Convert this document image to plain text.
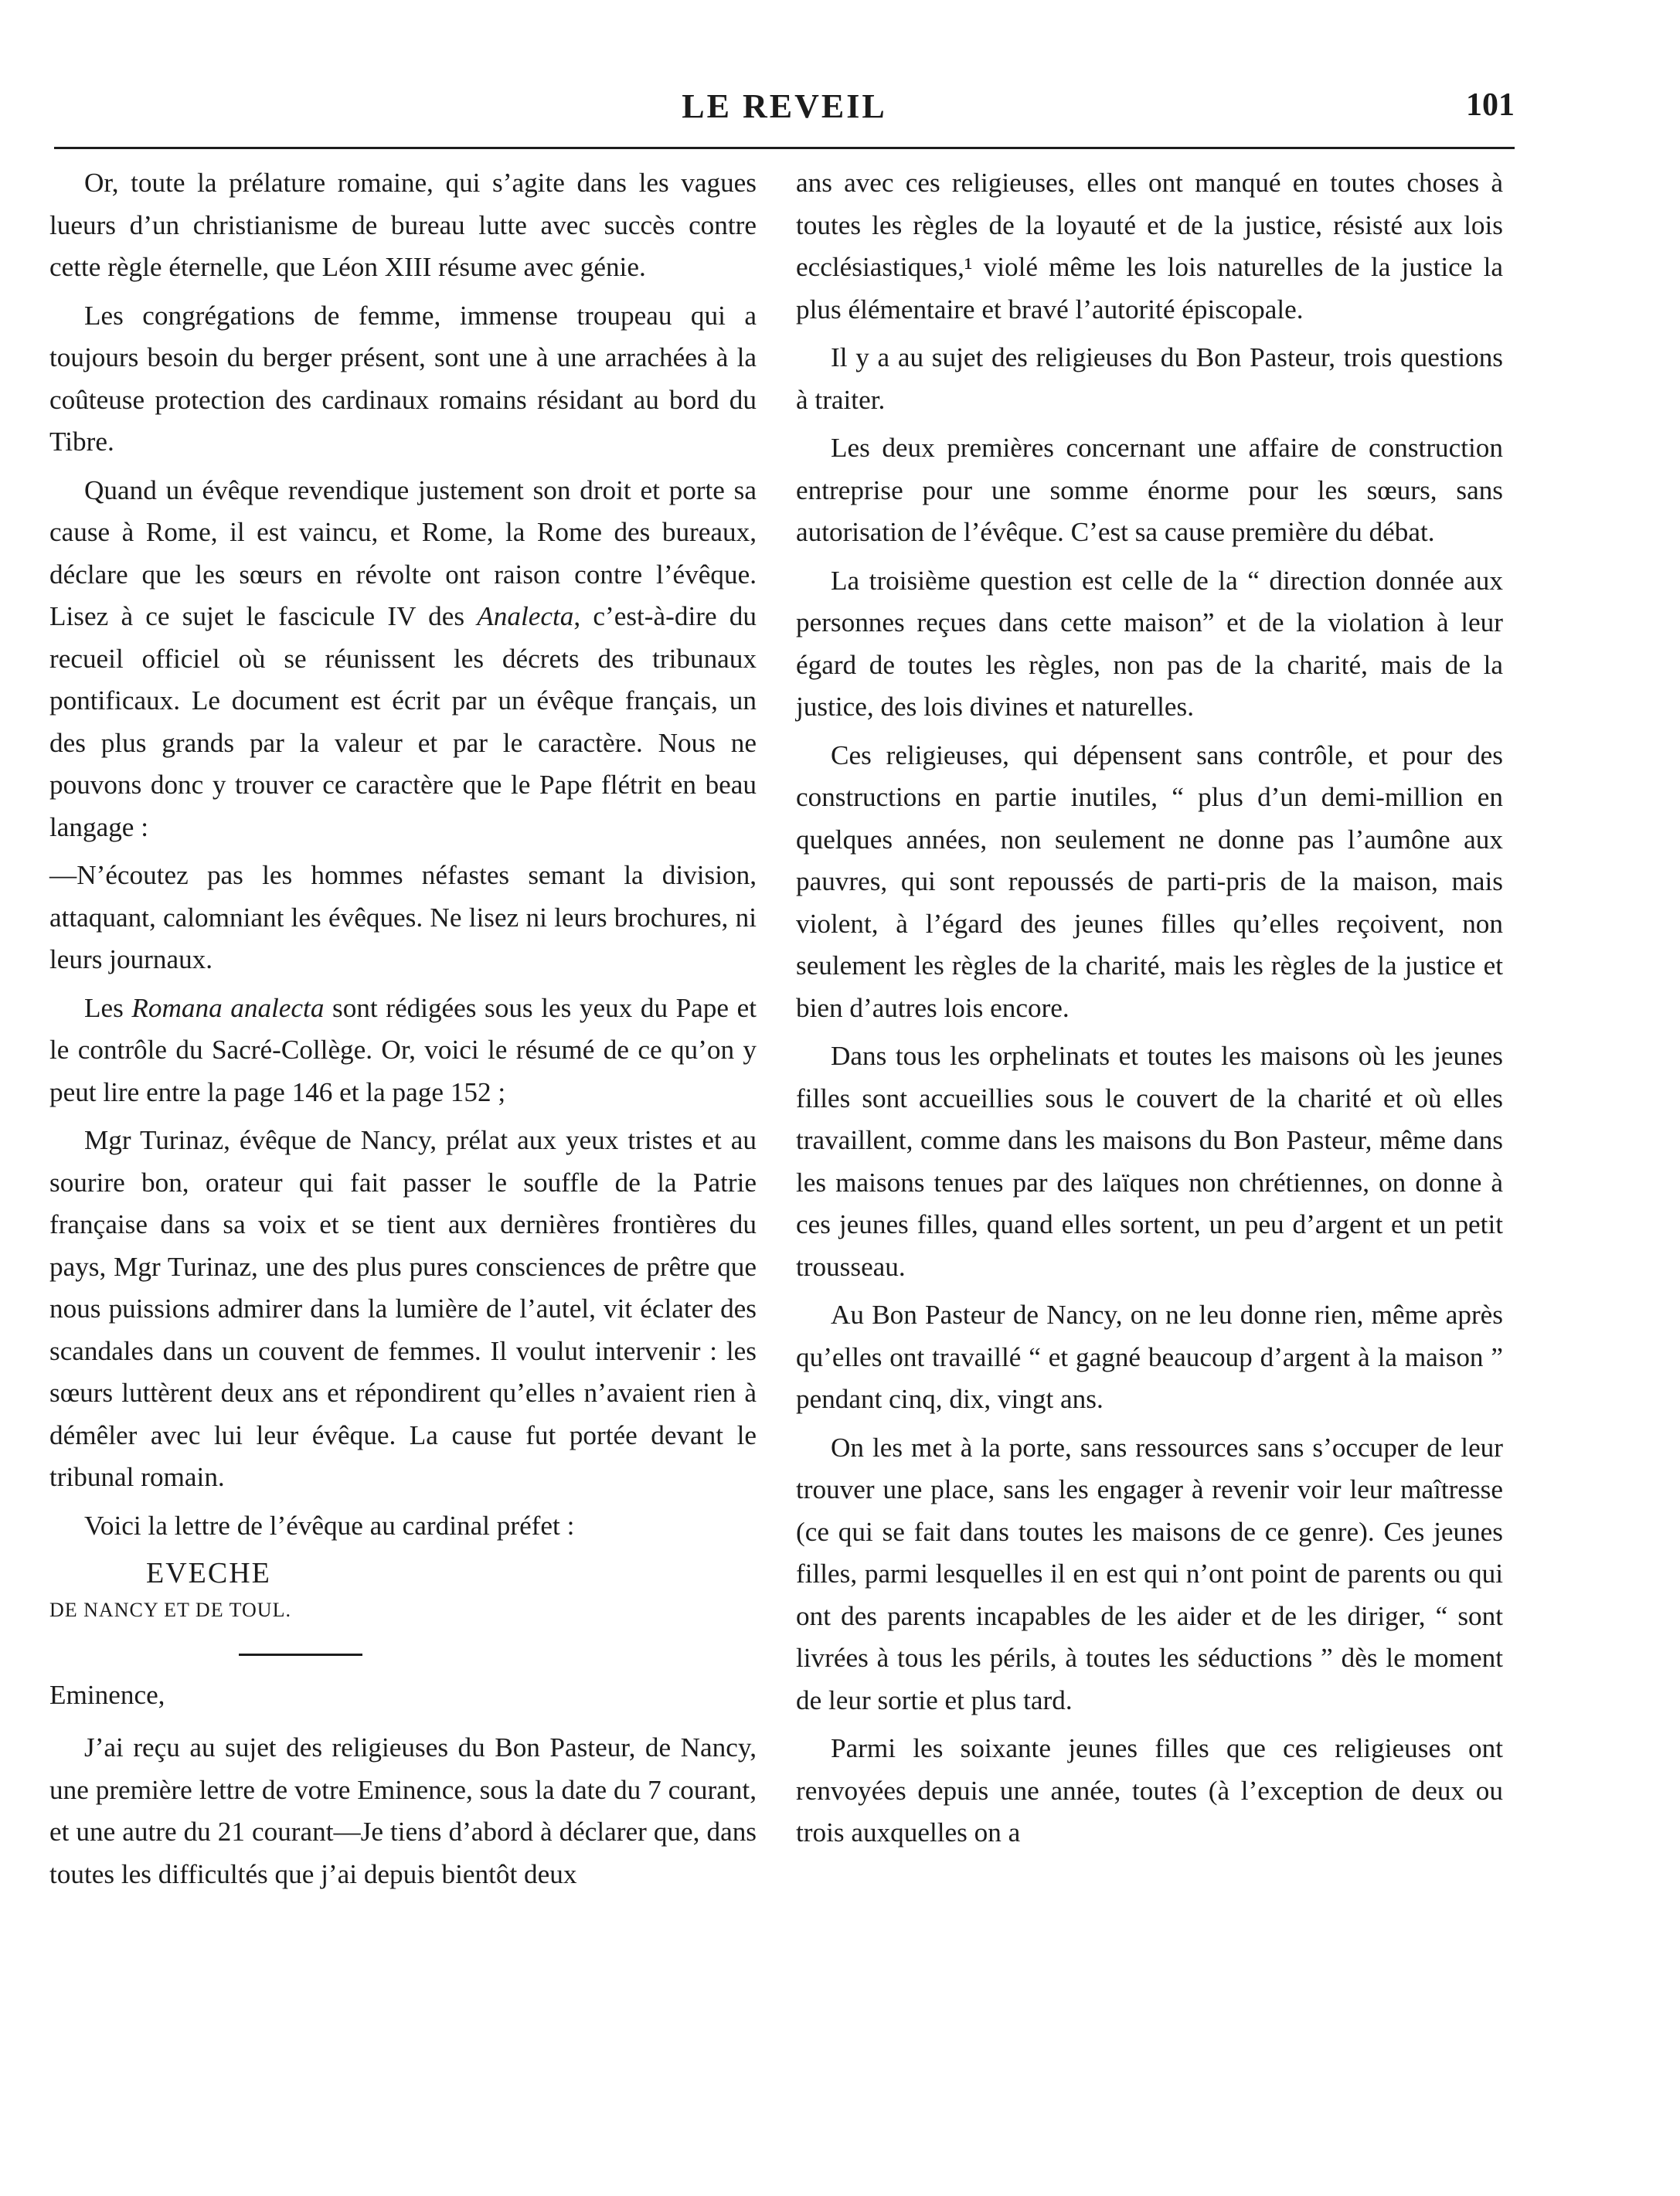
LE REVEIL	101

Or, toute la prélature romaine, qui s’agite dans les vagues lueurs d’un christianisme de bureau lutte avec succès contre cette règle éternelle, que Léon XIII résume avec génie.

Les congrégations de femme, immense troupeau qui a toujours besoin du berger présent, sont une à une arrachées à la coûteuse protection des cardinaux romains résidant au bord du Tibre.

Quand un évêque revendique justement son droit et porte sa cause à Rome, il est vaincu, et Rome, la Rome des bureaux, déclare que les sœurs en révolte ont raison contre l’évêque. Lisez à ce sujet le fascicule IV des Analecta, c’est-à-dire du recueil officiel où se réunissent les décrets des tribunaux pontificaux. Le document est écrit par un évêque français, un des plus grands par la valeur et par le caractère. Nous ne pouvons donc y trouver ce caractère que le Pape flétrit en beau langage :

—N’écoutez pas les hommes néfastes semant la division, attaquant, calomniant les évêques. Ne lisez ni leurs brochures, ni leurs journaux.

Les Romana analecta sont rédigées sous les yeux du Pape et le contrôle du Sacré-Collège. Or, voici le résumé de ce qu’on y peut lire entre la page 146 et la page 152 ;

Mgr Turinaz, évêque de Nancy, prélat aux yeux tristes et au sourire bon, orateur qui fait passer le souffle de la Patrie française dans sa voix et se tient aux dernières frontières du pays, Mgr Turinaz, une des plus pures consciences de prêtre que nous puissions admirer dans la lumière de l’autel, vit éclater des scandales dans un couvent de femmes. Il voulut intervenir : les sœurs luttèrent deux ans et répondirent qu’elles n’avaient rien à démêler avec lui leur évêque. La cause fut portée devant le tribunal romain.

Voici la lettre de l’évêque au cardinal préfet :

EVECHE
DE NANCY ET DE TOUL.
Eminence,

J’ai reçu au sujet des religieuses du Bon Pasteur, de Nancy, une première lettre de votre Eminence, sous la date du 7 courant, et une autre du 21 courant—Je tiens d’abord à déclarer que, dans toutes les difficultés que j’ai depuis bientôt deux

ans avec ces religieuses, elles ont manqué en toutes choses à toutes les règles de la loyauté et de la justice, résisté aux lois ecclésiastiques,¹ violé même les lois naturelles de la justice la plus élémentaire et bravé l’autorité épiscopale.

Il y a au sujet des religieuses du Bon Pasteur, trois questions à traiter.

Les deux premières concernant une affaire de construction entreprise pour une somme énorme pour les sœurs, sans autorisation de l’évêque. C’est sa cause première du débat.

La troisième question est celle de la “ direction donnée aux personnes reçues dans cette maison” et de la violation à leur égard de toutes les règles, non pas de la charité, mais de la justice, des lois divines et naturelles.

Ces religieuses, qui dépensent sans contrôle, et pour des constructions en partie inutiles, “ plus d’un demi-million en quelques années, non seulement ne donne pas l’aumône aux pauvres, qui sont repoussés de parti-pris de la maison, mais violent, à l’égard des jeunes filles qu’elles reçoivent, non seulement les règles de la charité, mais les règles de la justice et bien d’autres lois encore.

Dans tous les orphelinats et toutes les maisons où les jeunes filles sont accueillies sous le couvert de la charité et où elles travaillent, comme dans les maisons du Bon Pasteur, même dans les maisons tenues par des laïques non chrétiennes, on donne à ces jeunes filles, quand elles sortent, un peu d’argent et un petit trousseau.

Au Bon Pasteur de Nancy, on ne leu donne rien, même après qu’elles ont travaillé “ et gagné beaucoup d’argent à la maison ” pendant cinq, dix, vingt ans.

On les met à la porte, sans ressources sans s’occuper de leur trouver une place, sans les engager à revenir voir leur maîtresse (ce qui se fait dans toutes les maisons de ce genre). Ces jeunes filles, parmi lesquelles il en est qui n’ont point de parents ou qui ont des parents incapables de les aider et de les diriger, “ sont livrées à tous les périls, à toutes les séductions ” dès le moment de leur sortie et plus tard.

Parmi les soixante jeunes filles que ces religieuses ont renvoyées depuis une année, toutes (à l’exception de deux ou trois auxquelles on a
